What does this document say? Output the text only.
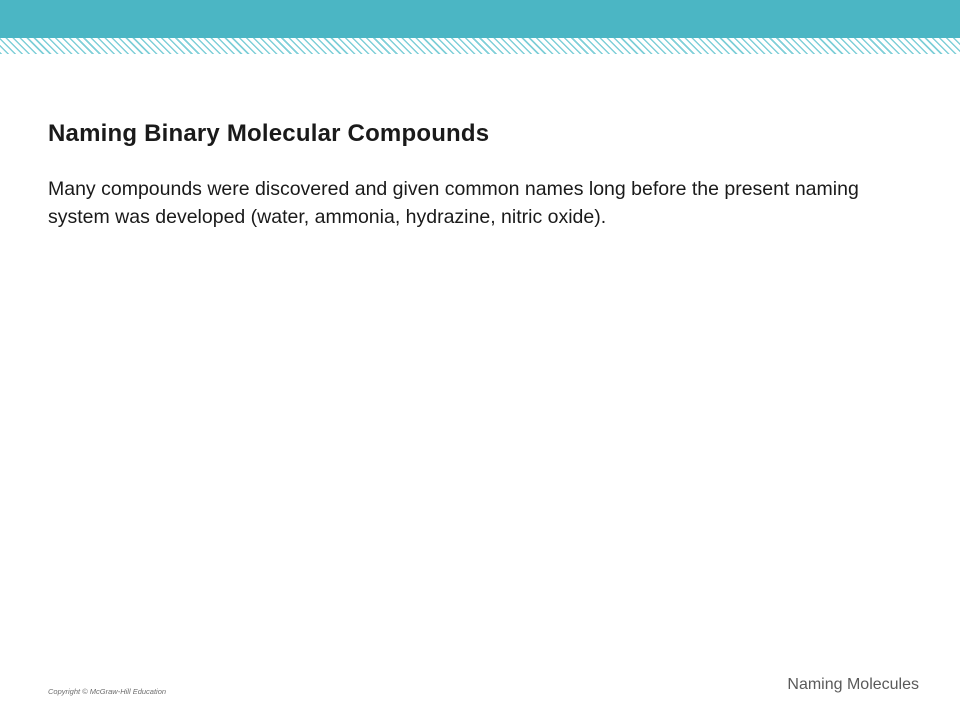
Naming Binary Molecular Compounds

Many compounds were discovered and given common names long before the present naming system was developed (water, ammonia, hydrazine, nitric oxide).

Copyright © McGraw-Hill Education	Naming Molecules
